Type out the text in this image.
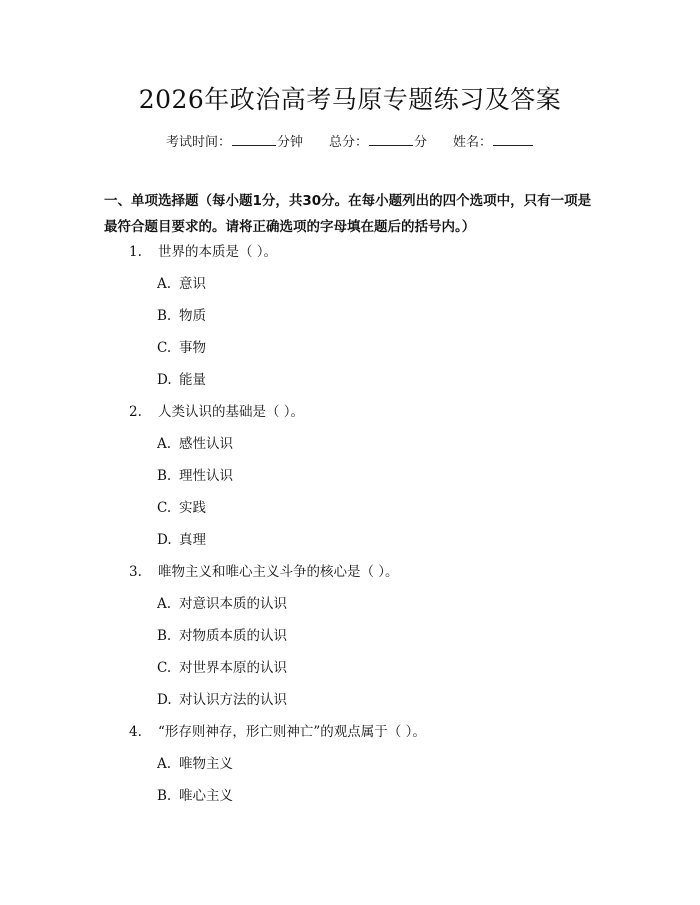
2026年政治高考马原专题练习及答案
考试时间：	分钟 总分：	分 姓名：

一、单项选择题（每小题1分，共30分。在每小题列出的四个选项中，只有一项是最符合题目要求的。请将正确选项的字母填在题后的括号内。）

1. 世界的本质是（ ）。
A. 意识
B. 物质
C. 事物
D. 能量
2. 人类认识的基础是（ ）。
A. 感性认识
B. 理性认识
C. 实践
D. 真理
3. 唯物主义和唯心主义斗争的核心是（ ）。
A. 对意识本质的认识
B. 对物质本质的认识
C. 对世界本原的认识
D. 对认识方法的认识
4. “形存则神存，形亡则神亡”的观点属于（ ）。
A. 唯物主义
B. 唯心主义
